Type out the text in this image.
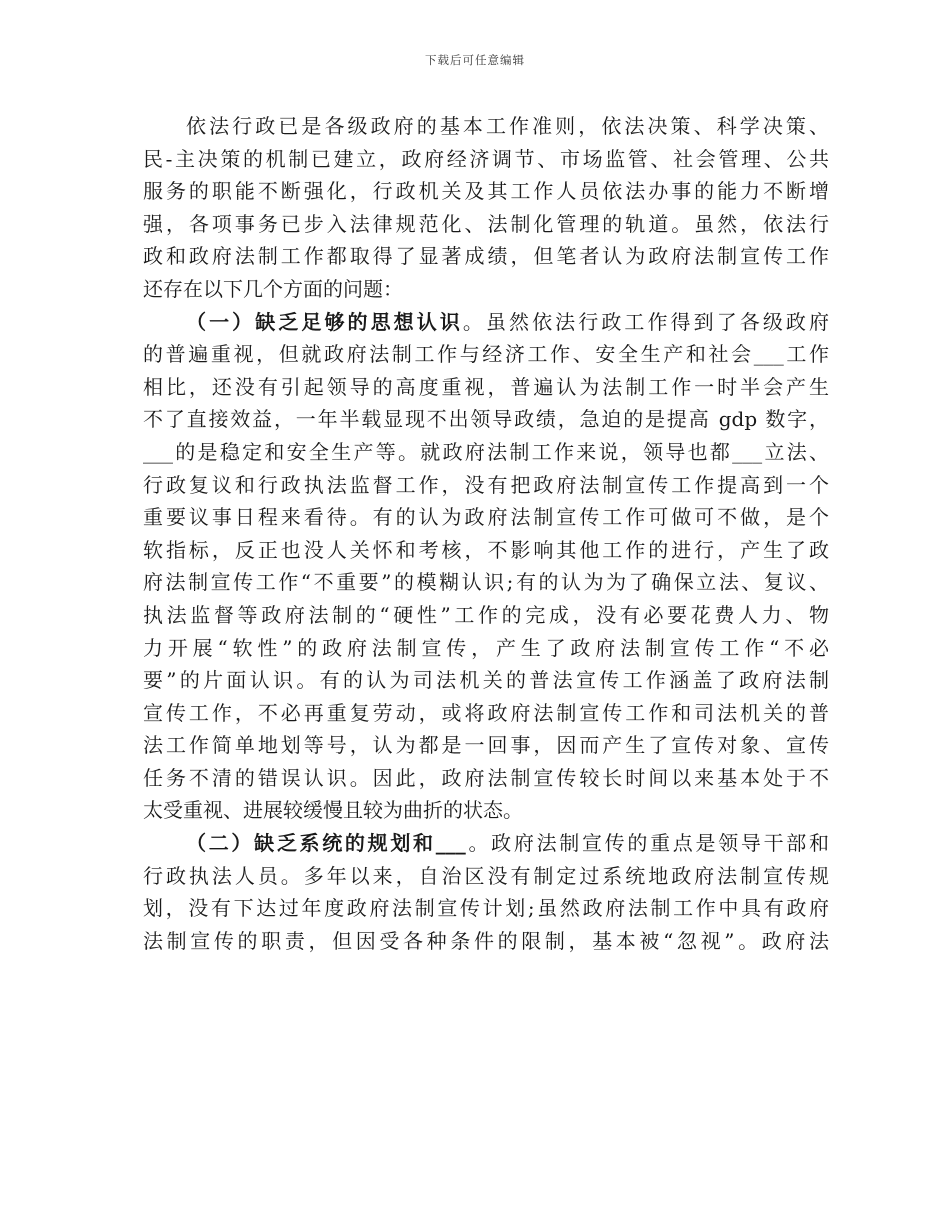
下载后可任意编辑
依法行政已是各级政府的基本工作准则，依法决策、科学决策、
民-主决策的机制已建立，政府经济调节、市场监管、社会管理、公共
服务的职能不断强化，行政机关及其工作人员依法办事的能力不断增
强，各项事务已步入法律规范化、法制化管理的轨道。虽然，依法行
政和政府法制工作都取得了显著成绩，但笔者认为政府法制宣传工作
还存在以下几个方面的问题：
（一）缺乏足够的思想认识。虽然依法行政工作得到了各级政府
的普遍重视，但就政府法制工作与经济工作、安全生产和社会___工作
相比，还没有引起领导的高度重视，普遍认为法制工作一时半会产生
不了直接效益，一年半载显现不出领导政绩，急迫的是提高 gdp 数字，
___的是稳定和安全生产等。就政府法制工作来说，领导也都___立法、
行政复议和行政执法监督工作，没有把政府法制宣传工作提高到一个
重要议事日程来看待。有的认为政府法制宣传工作可做可不做，是个
软指标，反正也没人关怀和考核，不影响其他工作的进行，产生了政
府法制宣传工作“不重要”的模糊认识;有的认为为了确保立法、复议、
执法监督等政府法制的“硬性”工作的完成，没有必要花费人力、物
力开展“软性”的政府法制宣传，产生了政府法制宣传工作“不必
要”的片面认识。有的认为司法机关的普法宣传工作涵盖了政府法制
宣传工作，不必再重复劳动，或将政府法制宣传工作和司法机关的普
法工作简单地划等号，认为都是一回事，因而产生了宣传对象、宣传
任务不清的错误认识。因此，政府法制宣传较长时间以来基本处于不
太受重视、进展较缓慢且较为曲折的状态。
（二）缺乏系统的规划和___。政府法制宣传的重点是领导干部和
行政执法人员。多年以来，自治区没有制定过系统地政府法制宣传规
划，没有下达过年度政府法制宣传计划;虽然政府法制工作中具有政府
法制宣传的职责，但因受各种条件的限制，基本被“忽视”。政府法
